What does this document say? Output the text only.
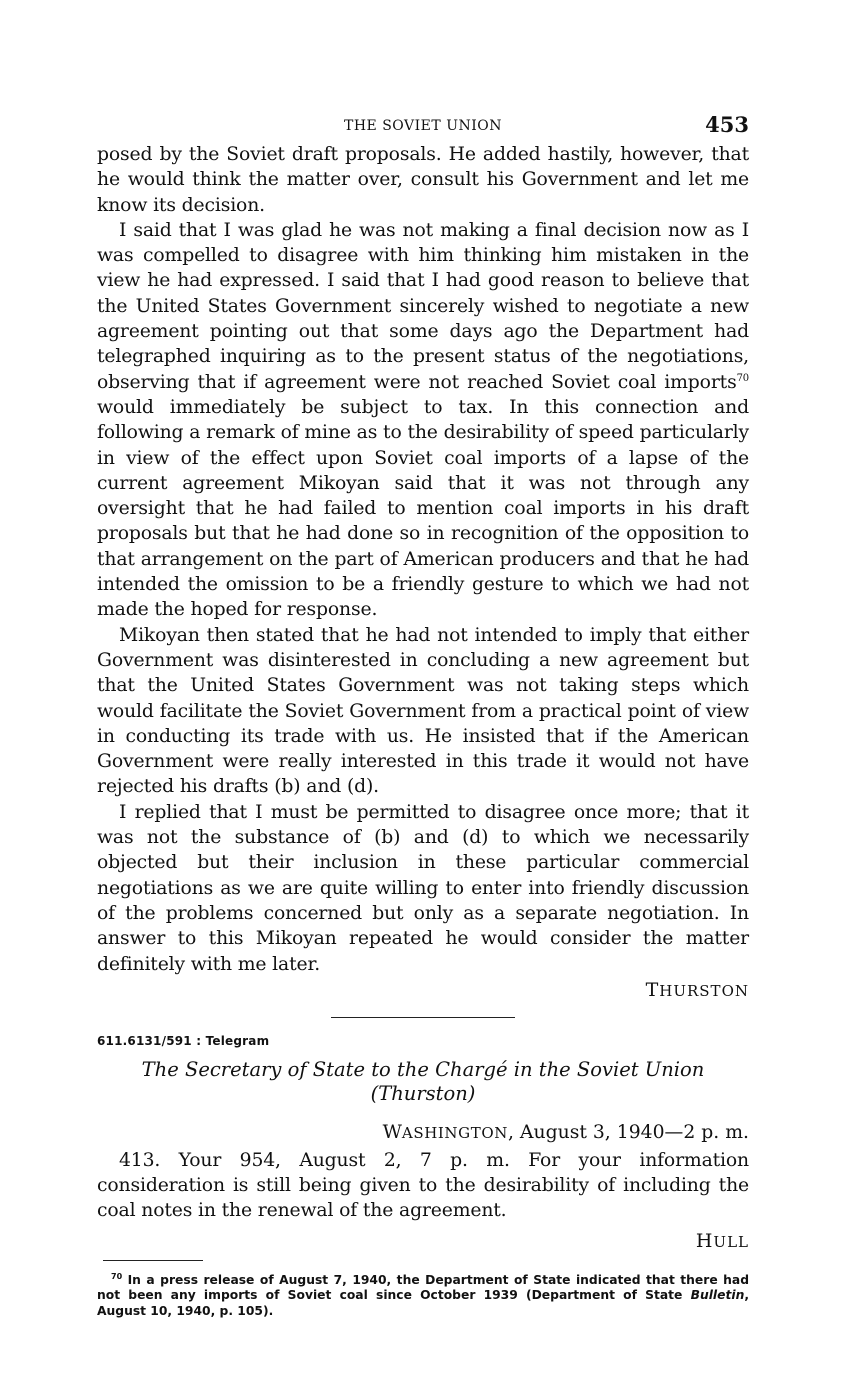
THE SOVIET UNION	453

posed by the Soviet draft proposals. He added hastily, however, that he would think the matter over, consult his Government and let me know its decision.

I said that I was glad he was not making a final decision now as I was compelled to disagree with him thinking him mistaken in the view he had expressed. I said that I had good reason to believe that the United States Government sincerely wished to negotiate a new agreement pointing out that some days ago the Department had telegraphed inquiring as to the present status of the negotiations, observing that if agreement were not reached Soviet coal imports$^{70}$ would immediately be subject to tax. In this connection and following a remark of mine as to the desirability of speed particularly in view of the effect upon Soviet coal imports of a lapse of the current agreement Mikoyan said that it was not through any oversight that he had failed to mention coal imports in his draft proposals but that he had done so in recognition of the opposition to that arrangement on the part of American producers and that he had intended the omission to be a friendly gesture to which we had not made the hoped for response.

Mikoyan then stated that he had not intended to imply that either Government was disinterested in concluding a new agreement but that the United States Government was not taking steps which would facilitate the Soviet Government from a practical point of view in conducting its trade with us. He insisted that if the American Government were really interested in this trade it would not have rejected his drafts (b) and (d).

I replied that I must be permitted to disagree once more; that it was not the substance of (b) and (d) to which we necessarily objected but their inclusion in these particular commercial negotiations as we are quite willing to enter into friendly discussion of the problems concerned but only as a separate negotiation. In answer to this Mikoyan repeated he would consider the matter definitely with me later.

THURSTON

611.6131/591 : Telegram
The Secretary of State to the Chargé in the Soviet Union (Thurston)
WASHINGTON, August 3, 1940—2 p. m.

413. Your 954, August 2, 7 p. m. For your information consideration is still being given to the desirability of including the coal notes in the renewal of the agreement.

HULL

$^{70}$ In a press release of August 7, 1940, the Department of State indicated that there had not been any imports of Soviet coal since October 1939 (Department of State Bulletin, August 10, 1940, p. 105).
